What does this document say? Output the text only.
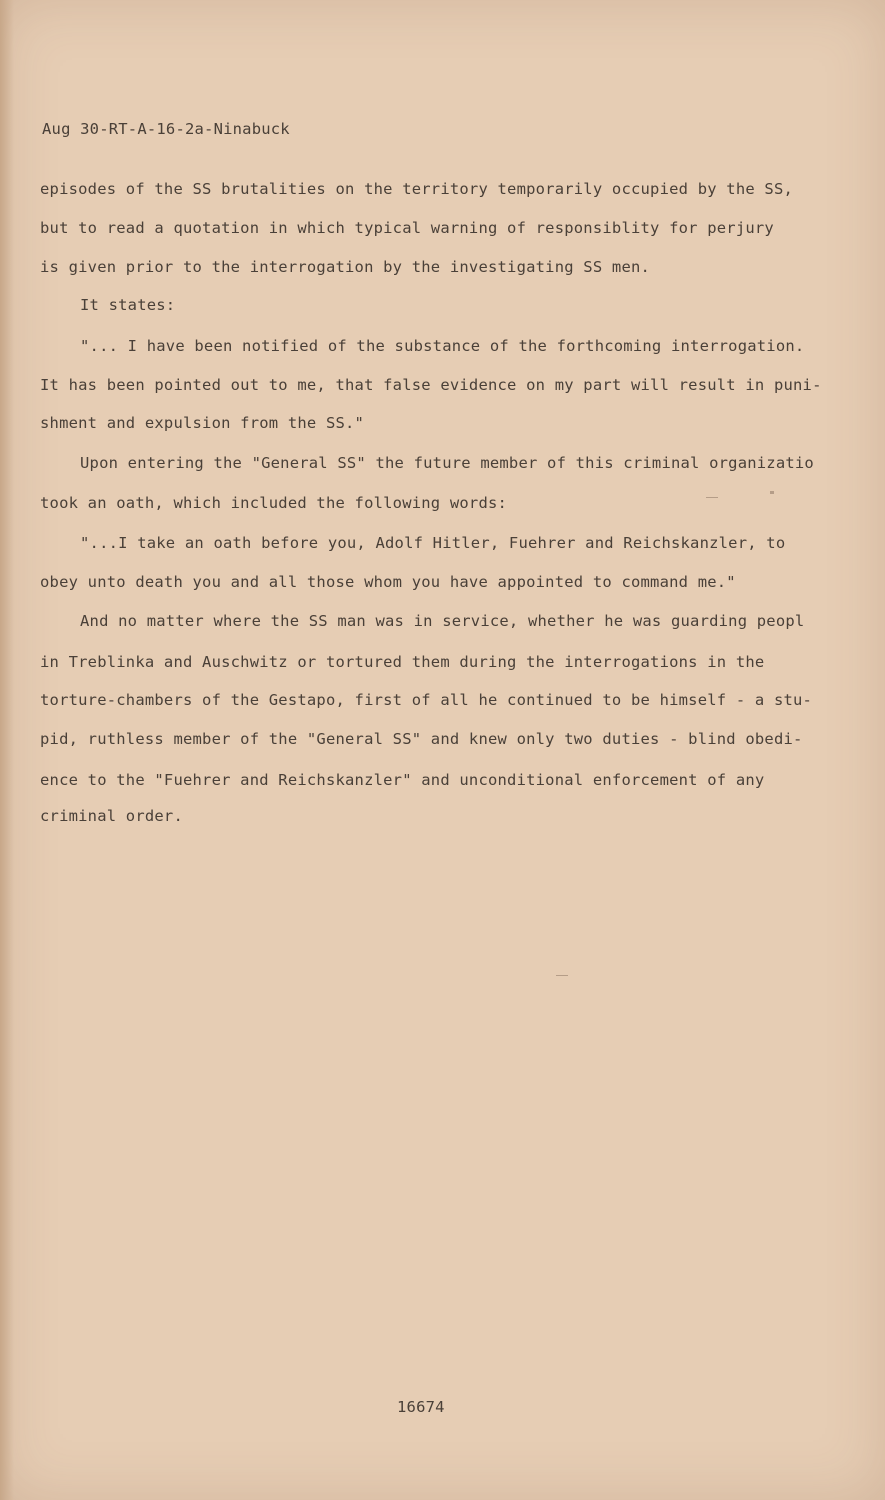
Aug 30-RT-A-16-2a-Ninabuck
episodes of the SS brutalities on the territory temporarily occupied by the SS,
but to read a quotation in which typical warning of responsiblity for perjury
is given prior to the interrogation by the investigating SS men.
It states:
"... I have been notified of the substance of the forthcoming interrogation.
It has been pointed out to me, that false evidence on my part will result in puni-
shment and expulsion from the SS."
Upon entering the "General SS" the future member of this criminal organizatio
took an oath, which included the following words:
"...I take an oath before you, Adolf Hitler, Fuehrer and Reichskanzler, to
obey unto death you and all those whom you have appointed to command me."
And no matter where the SS man was in service, whether he was guarding peopl
in Treblinka and Auschwitz or tortured them during the interrogations in the
torture-chambers of the Gestapo, first of all he continued to be himself - a stu-
pid, ruthless member of the "General SS" and knew only two duties - blind obedi-
ence to the "Fuehrer and Reichskanzler" and unconditional enforcement of any
criminal order.
16674
